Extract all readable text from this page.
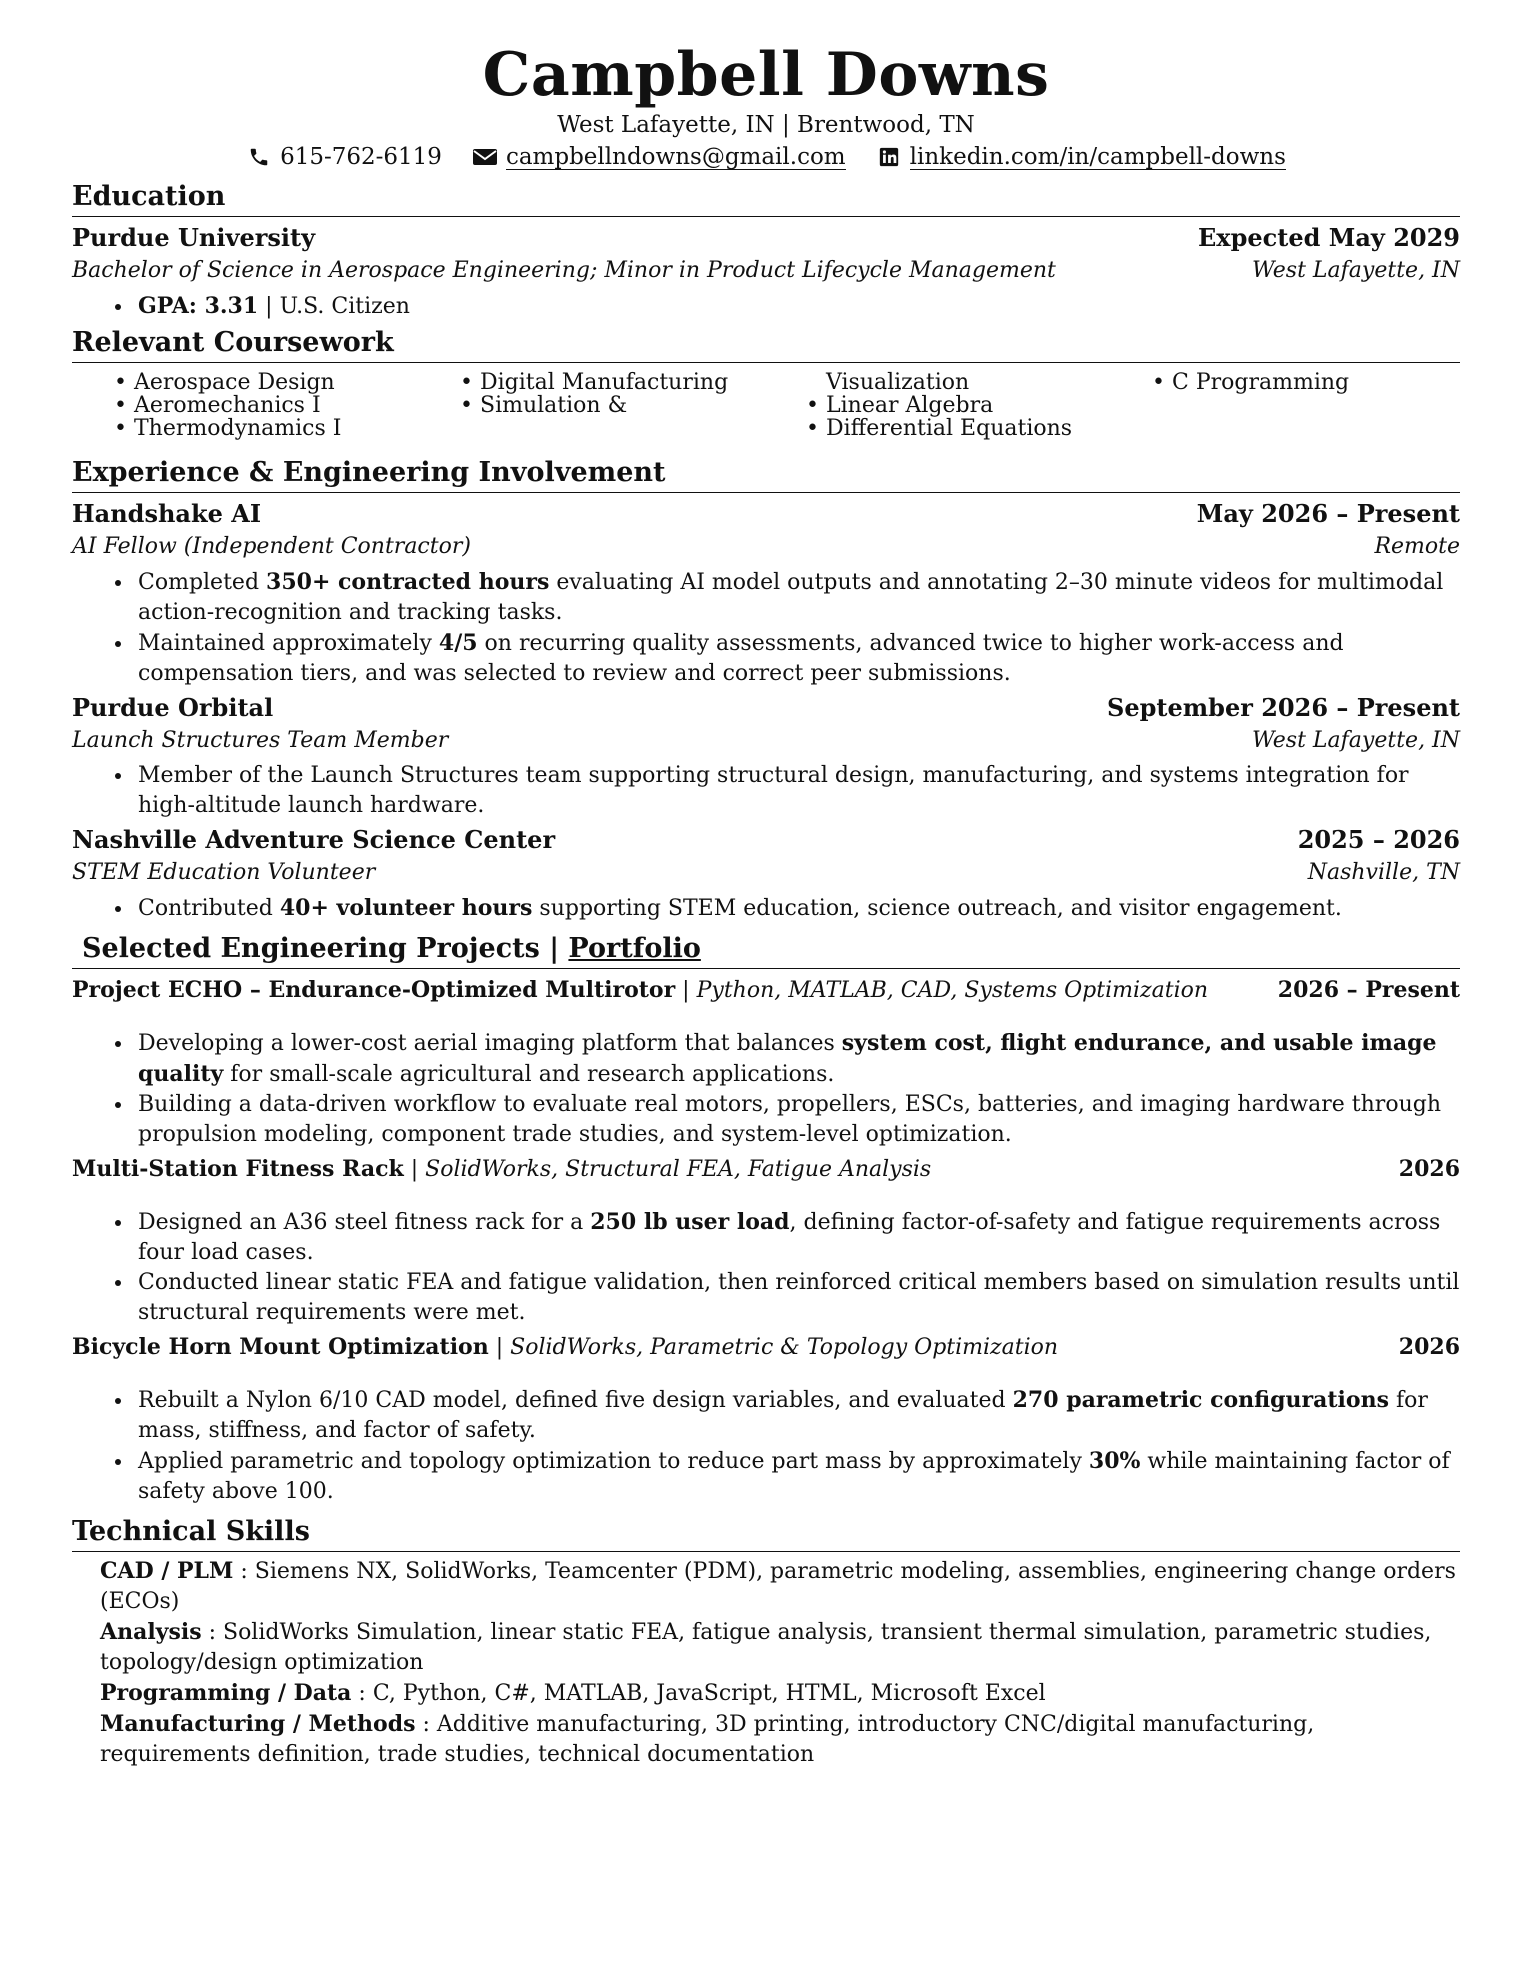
Campbell Downs
West Lafayette, IN | Brentwood, TN
615-762-6119	campbellndowns@gmail.com	linkedin.com/in/campbell-downs
Education
Purdue University	Expected May 2029
Bachelor of Science in Aerospace Engineering; Minor in Product Lifecycle Management	West Lafayette, IN
• GPA: 3.31 | U.S. Citizen
Relevant Coursework
• Aerospace Design
• Aeromechanics I
• Thermodynamics I
• Digital Manufacturing
• Simulation &
Visualization
• Linear Algebra
• Differential Equations
• C Programming
Experience & Engineering Involvement
Handshake AI	May 2026 – Present
AI Fellow (Independent Contractor)	Remote
• Completed 350+ contracted hours evaluating AI model outputs and annotating 2–30 minute videos for multimodal action-recognition and tracking tasks.
• Maintained approximately 4/5 on recurring quality assessments, advanced twice to higher work-access and compensation tiers, and was selected to review and correct peer submissions.
Purdue Orbital	September 2026 – Present
Launch Structures Team Member	West Lafayette, IN
• Member of the Launch Structures team supporting structural design, manufacturing, and systems integration for high-altitude launch hardware.
Nashville Adventure Science Center	2025 – 2026
STEM Education Volunteer	Nashville, TN
• Contributed 40+ volunteer hours supporting STEM education, science outreach, and visitor engagement.
Selected Engineering Projects | Portfolio
Project ECHO – Endurance-Optimized Multirotor | Python, MATLAB, CAD, Systems Optimization	2026 – Present
• Developing a lower-cost aerial imaging platform that balances system cost, flight endurance, and usable image quality for small-scale agricultural and research applications.
• Building a data-driven workflow to evaluate real motors, propellers, ESCs, batteries, and imaging hardware through propulsion modeling, component trade studies, and system-level optimization.
Multi-Station Fitness Rack | SolidWorks, Structural FEA, Fatigue Analysis	2026
• Designed an A36 steel fitness rack for a 250 lb user load, defining factor-of-safety and fatigue requirements across four load cases.
• Conducted linear static FEA and fatigue validation, then reinforced critical members based on simulation results until structural requirements were met.
Bicycle Horn Mount Optimization | SolidWorks, Parametric & Topology Optimization	2026
• Rebuilt a Nylon 6/10 CAD model, defined five design variables, and evaluated 270 parametric configurations for mass, stiffness, and factor of safety.
• Applied parametric and topology optimization to reduce part mass by approximately 30% while maintaining factor of safety above 100.
Technical Skills
CAD / PLM : Siemens NX, SolidWorks, Teamcenter (PDM), parametric modeling, assemblies, engineering change orders (ECOs)
Analysis : SolidWorks Simulation, linear static FEA, fatigue analysis, transient thermal simulation, parametric studies, topology/design optimization
Programming / Data : C, Python, C#, MATLAB, JavaScript, HTML, Microsoft Excel
Manufacturing / Methods : Additive manufacturing, 3D printing, introductory CNC/digital manufacturing, requirements definition, trade studies, technical documentation
